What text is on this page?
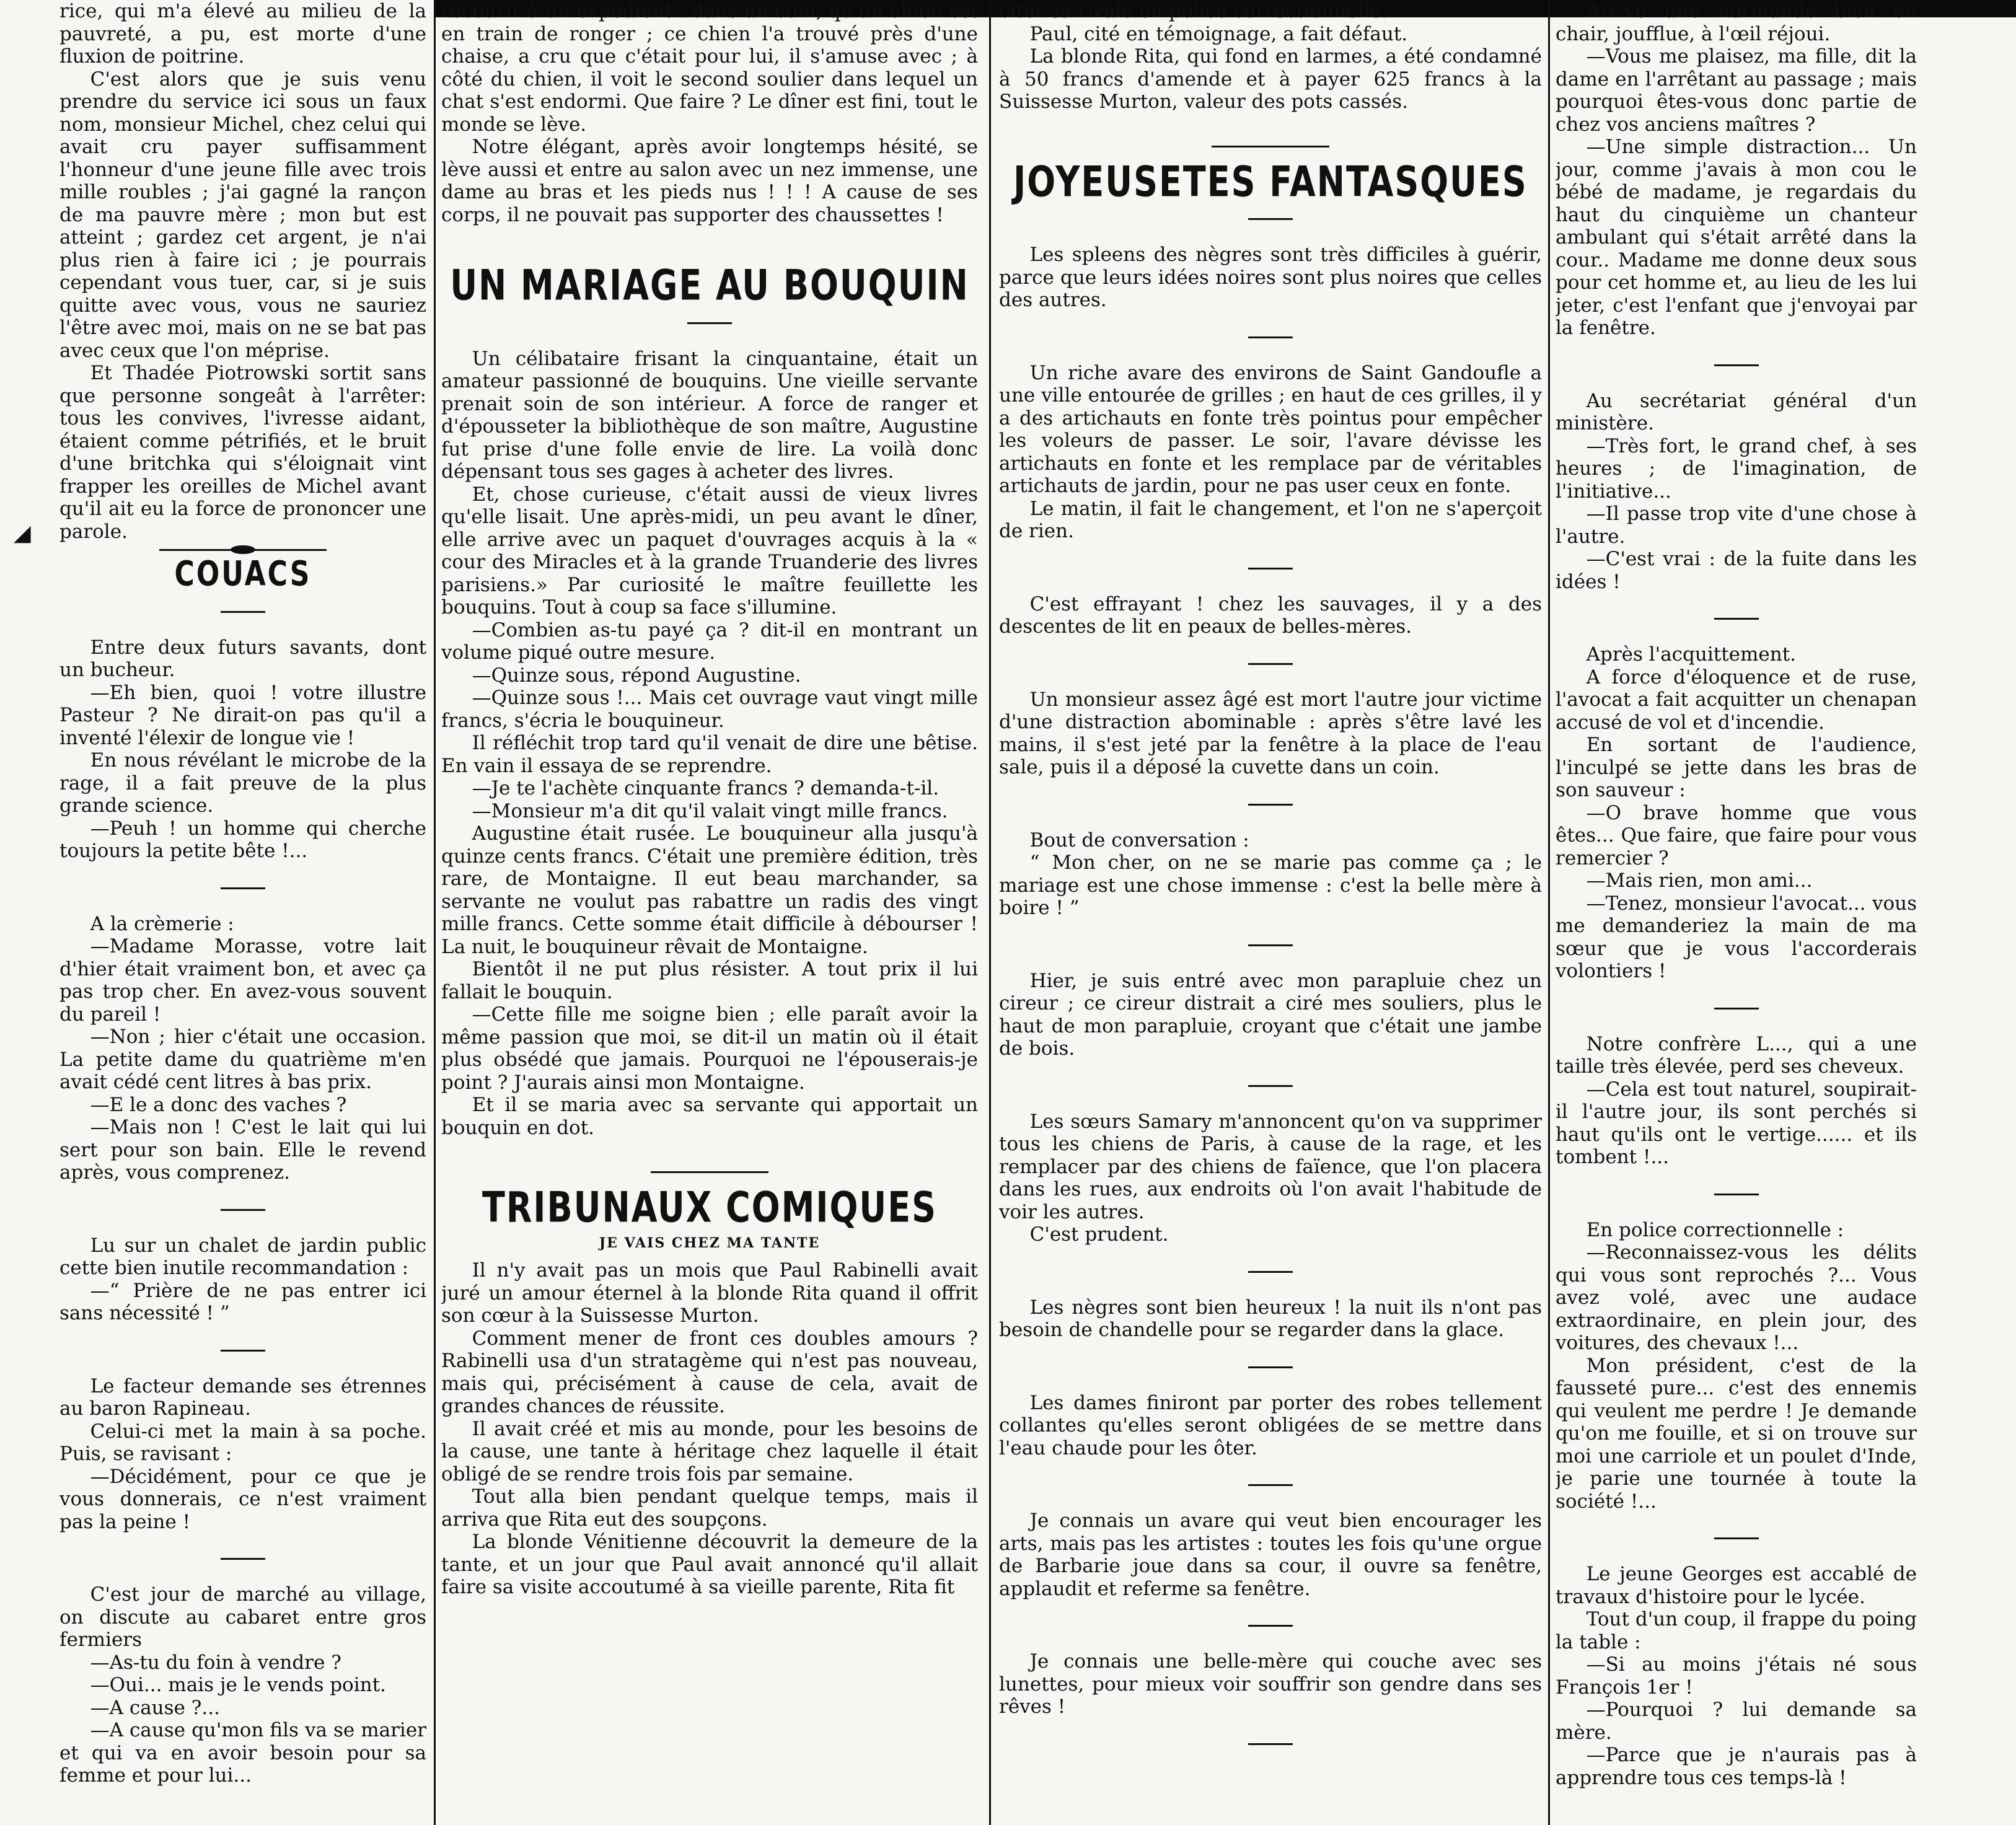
◢

rice, qui m'a élevé au milieu de la pauvreté, a pu, est morte d'une fluxion de poitrine.

C'est alors que je suis venu prendre du service ici sous un faux nom, monsieur Michel, chez celui qui avait cru payer suffisamment l'honneur d'une jeune fille avec trois mille roubles ; j'ai gagné la rançon de ma pauvre mère ; mon but est atteint ; gardez cet argent, je n'ai plus rien à faire ici ; je pourrais cependant vous tuer, car, si je suis quitte avec vous, vous ne sauriez l'être avec moi, mais on ne se bat pas avec ceux que l'on méprise.

Et Thadée Piotrowski sortit sans que personne songeât à l'arrêter: tous les convives, l'ivresse aidant, étaient comme pétrifiés, et le bruit d'une britchka qui s'éloignait vint frapper les oreilles de Michel avant qu'il ait eu la force de prononcer une parole.

COUACS

Entre deux futurs savants, dont un bucheur.

—Eh bien, quoi ! votre illustre Pasteur ? Ne dirait-on pas qu'il a inventé l'élexir de longue vie !

En nous révélant le microbe de la rage, il a fait preuve de la plus grande science.

—Peuh ! un homme qui cherche toujours la petite bête !...

A la crèmerie :

—Madame Morasse, votre lait d'hier était vraiment bon, et avec ça pas trop cher. En avez-vous souvent du pareil !

—Non ; hier c'était une occasion. La petite dame du quatrième m'en avait cédé cent litres à bas prix.

—E le a donc des vaches ?

—Mais non ! C'est le lait qui lui sert pour son bain. Elle le revend après, vous comprenez.

Lu sur un chalet de jardin public cette bien inutile recommandation :

—“ Prière de ne pas entrer ici sans nécessité ! ”

Le facteur demande ses étrennes au baron Rapineau.

Celui-ci met la main à sa poche. Puis, se ravisant :

—Décidément, pour ce que je vous donnerais, ce n'est vraiment pas la peine !

C'est jour de marché au village, on discute au cabaret entre gros fermiers

—As-tu du foin à vendre ?

—Oui... mais je le vends point.

—A cause ?...

—A cause qu'mon fils va se marier et qui va en avoir besoin pour sa femme et pour lui...

recourir à un expédient : dans un coin, qu'un chien est en train de ronger ; ce chien l'a trouvé près d'une chaise, a cru que c'était pour lui, il s'amuse avec ; à côté du chien, il voit le second soulier dans lequel un chat s'est endormi. Que faire ? Le dîner est fini, tout le monde se lève.

Notre élégant, après avoir longtemps hésité, se lève aussi et entre au salon avec un nez immense, une dame au bras et les pieds nus ! ! ! A cause de ses corps, il ne pouvait pas supporter des chaussettes !

UN MARIAGE AU BOUQUIN

Un célibataire frisant la cinquantaine, était un amateur passionné de bouquins. Une vieille servante prenait soin de son intérieur. A force de ranger et d'épousseter la bibliothèque de son maître, Augustine fut prise d'une folle envie de lire. La voilà donc dépensant tous ses gages à acheter des livres.

Et, chose curieuse, c'était aussi de vieux livres qu'elle lisait. Une après-midi, un peu avant le dîner, elle arrive avec un paquet d'ouvrages acquis à la « cour des Miracles et à la grande Truanderie des livres parisiens.» Par curiosité le maître feuillette les bouquins. Tout à coup sa face s'illumine.

—Combien as-tu payé ça ? dit-il en montrant un volume piqué outre mesure.

—Quinze sous, répond Augustine.

—Quinze sous !... Mais cet ouvrage vaut vingt mille francs, s'écria le bouquineur.

Il réfléchit trop tard qu'il venait de dire une bêtise. En vain il essaya de se reprendre.

—Je te l'achète cinquante francs ? demanda-t-il.

—Monsieur m'a dit qu'il valait vingt mille francs.

Augustine était rusée. Le bouquineur alla jusqu'à quinze cents francs. C'était une première édition, très rare, de Montaigne. Il eut beau marchander, sa servante ne voulut pas rabattre un radis des vingt mille francs. Cette somme était difficile à débourser ! La nuit, le bouquineur rêvait de Montaigne.

Bientôt il ne put plus résister. A tout prix il lui fallait le bouquin.

—Cette fille me soigne bien ; elle paraît avoir la même passion que moi, se dit-il un matin où il était plus obsédé que jamais. Pourquoi ne l'épouserais-je point ? J'aurais ainsi mon Montaigne.

Et il se maria avec sa servante qui apportait un bouquin en dot.

TRIBUNAUX COMIQUES
JE VAIS CHEZ MA TANTE

Il n'y avait pas un mois que Paul Rabinelli avait juré un amour éternel à la blonde Rita quand il offrit son cœur à la Suissesse Murton.

Comment mener de front ces doubles amours ? Rabinelli usa d'un stratagème qui n'est pas nouveau, mais qui, précisément à cause de cela, avait de grandes chances de réussite.

Il avait créé et mis au monde, pour les besoins de la cause, une tante à héritage chez laquelle il était obligé de se rendre trois fois par semaine.

Tout alla bien pendant quelque temps, mais il arriva que Rita eut des soupçons.

La blonde Vénitienne découvrit la demeure de la tante, et un jour que Paul avait annoncé qu'il allait faire sa visite accoutumé à sa vieille parente, Rita fit

citer sa rivale en police correctionnelle.

Paul, cité en témoignage, a fait défaut.

La blonde Rita, qui fond en larmes, a été condamné à 50 francs d'amende et à payer 625 francs à la Suissesse Murton, valeur des pots cassés.

JOYEUSETES FANTASQUES

Les spleens des nègres sont très difficiles à guérir, parce que leurs idées noires sont plus noires que celles des autres.

Un riche avare des environs de Saint Gandoufle a une ville entourée de grilles ; en haut de ces grilles, il y a des artichauts en fonte très pointus pour empêcher les voleurs de passer. Le soir, l'avare dévisse les artichauts en fonte et les remplace par de véritables artichauts de jardin, pour ne pas user ceux en fonte.

Le matin, il fait le changement, et l'on ne s'aperçoit de rien.

C'est effrayant ! chez les sauvages, il y a des descentes de lit en peaux de belles-mères.

Un monsieur assez âgé est mort l'autre jour victime d'une distraction abominable : après s'être lavé les mains, il s'est jeté par la fenêtre à la place de l'eau sale, puis il a déposé la cuvette dans un coin.

Bout de conversation :

“ Mon cher, on ne se marie pas comme ça ; le mariage est une chose immense : c'est la belle mère à boire ! ”

Hier, je suis entré avec mon parapluie chez un cireur ; ce cireur distrait a ciré mes souliers, plus le haut de mon parapluie, croyant que c'était une jambe de bois.

Les sœurs Samary m'annoncent qu'on va supprimer tous les chiens de Paris, à cause de la rage, et les remplacer par des chiens de faïence, que l'on placera dans les rues, aux endroits où l'on avait l'habitude de voir les autres.

C'est prudent.

Les nègres sont bien heureux ! la nuit ils n'ont pas besoin de chandelle pour se regarder dans la glace.

Les dames finiront par porter des robes tellement collantes qu'elles seront obligées de se mettre dans l'eau chaude pour les ôter.

Je connais un avare qui veut bien encourager les arts, mais pas les artistes : toutes les fois qu'une orgue de Barbarie joue dans sa cour, il ouvre sa fenêtre, applaudit et referme sa fenêtre.

Je connais une belle-mère qui couche avec ses lunettes, pour mieux voir souffrir son gendre dans ses rêves !

Arrive une normande bien en chair, joufflue, à l'œil réjoui.

—Vous me plaisez, ma fille, dit la dame en l'arrêtant au passage ; mais pourquoi êtes-vous donc partie de chez vos anciens maîtres ?

—Une simple distraction... Un jour, comme j'avais à mon cou le bébé de madame, je regardais du haut du cinquième un chanteur ambulant qui s'était arrêté dans la cour.. Madame me donne deux sous pour cet homme et, au lieu de les lui jeter, c'est l'enfant que j'envoyai par la fenêtre.

Au secrétariat général d'un ministère.

—Très fort, le grand chef, à ses heures ; de l'imagination, de l'initiative...

—Il passe trop vite d'une chose à l'autre.

—C'est vrai : de la fuite dans les idées !

Après l'acquittement.

A force d'éloquence et de ruse, l'avocat a fait acquitter un chenapan accusé de vol et d'incendie.

En sortant de l'audience, l'inculpé se jette dans les bras de son sauveur :

—O brave homme que vous êtes... Que faire, que faire pour vous remercier ?

—Mais rien, mon ami...

—Tenez, monsieur l'avocat... vous me demanderiez la main de ma sœur que je vous l'accorderais volontiers !

Notre confrère L..., qui a une taille très élevée, perd ses cheveux.

—Cela est tout naturel, soupirait-il l'autre jour, ils sont perchés si haut qu'ils ont le vertige...... et ils tombent !...

En police correctionnelle :

—Reconnaissez-vous les délits qui vous sont reprochés ?... Vous avez volé, avec une audace extraordinaire, en plein jour, des voitures, des chevaux !...

Mon président, c'est de la fausseté pure... c'est des ennemis qui veulent me perdre ! Je demande qu'on me fouille, et si on trouve sur moi une carriole et un poulet d'Inde, je parie une tournée à toute la société !...

Le jeune Georges est accablé de travaux d'histoire pour le lycée.

Tout d'un coup, il frappe du poing la table :

—Si au moins j'étais né sous François 1er !

—Pourquoi ? lui demande sa mère.

—Parce que je n'aurais pas à apprendre tous ces temps-là !
